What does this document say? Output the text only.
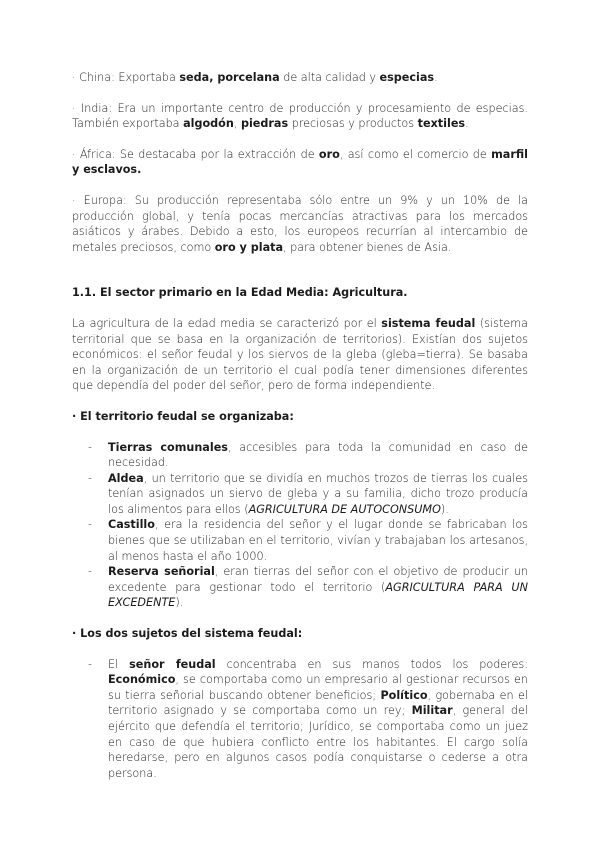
· China: Exportaba seda, porcelana de alta calidad y especias.

· India: Era un importante centro de producción y procesamiento de especias. También exportaba algodón, piedras preciosas y productos textiles.

· África: Se destacaba por la extracción de oro, así como el comercio de marfil y esclavos.

· Europa: Su producción representaba sólo entre un 9% y un 10% de la producción global, y tenía pocas mercancías atractivas para los mercados asiáticos y árabes. Debido a esto, los europeos recurrían al intercambio de metales preciosos, como oro y plata, para obtener bienes de Asia.

1.1. El sector primario en la Edad Media: Agricultura.

La agricultura de la edad media se caracterizó por el sistema feudal (sistema territorial que se basa en la organización de territorios). Existían dos sujetos económicos: el señor feudal y los siervos de la gleba (gleba=tierra). Se basaba en la organización de un territorio el cual podía tener dimensiones diferentes que dependía del poder del señor, pero de forma independiente.

· El territorio feudal se organizaba:

- Tierras comunales, accesibles para toda la comunidad en caso de necesidad.
- Aldea, un territorio que se dividía en muchos trozos de tierras los cuales tenían asignados un siervo de gleba y a su familia, dicho trozo producía los alimentos para ellos (AGRICULTURA DE AUTOCONSUMO).
- Castillo, era la residencia del señor y el lugar donde se fabricaban los bienes que se utilizaban en el territorio, vivían y trabajaban los artesanos, al menos hasta el año 1000.
- Reserva señorial, eran tierras del señor con el objetivo de producir un excedente para gestionar todo el territorio (AGRICULTURA PARA UN EXCEDENTE).

· Los dos sujetos del sistema feudal:

- El señor feudal concentraba en sus manos todos los poderes: Económico, se comportaba como un empresario al gestionar recursos en su tierra señorial buscando obtener beneficios; Político, gobernaba en el territorio asignado y se comportaba como un rey; Militar, general del ejército que defendía el territorio; Jurídico, se comportaba como un juez en caso de que hubiera conflicto entre los habitantes. El cargo solía heredarse, pero en algunos casos podía conquistarse o cederse a otra persona.
